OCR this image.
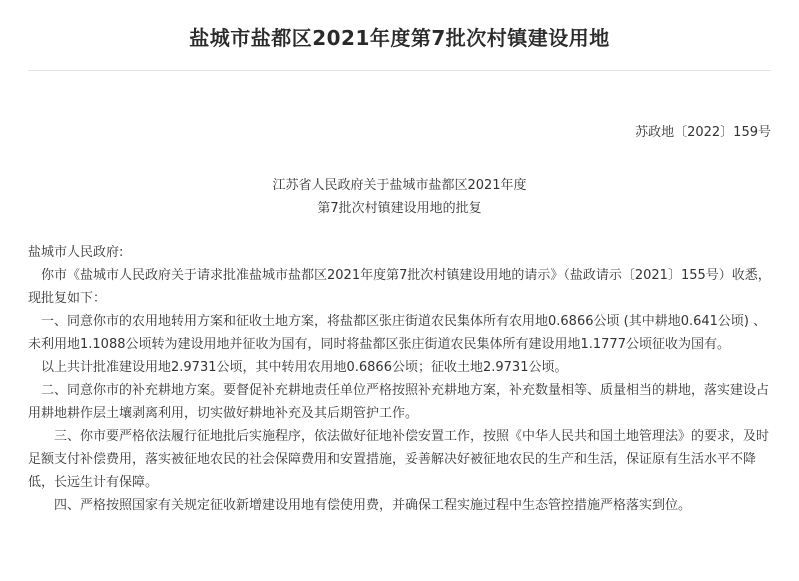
盐城市盐都区2021年度第7批次村镇建设用地
苏政地〔2022〕159号
江苏省人民政府关于盐城市盐都区2021年度
第7批次村镇建设用地的批复

盐城市人民政府:

你市《盐城市人民政府关于请求批准盐城市盐都区2021年度第7批次村镇建设用地的请示》（盐政请示〔2021〕155号）收悉，现批复如下：

一、同意你市的农用地转用方案和征收土地方案，将盐都区张庄街道农民集体所有农用地0.6866公顷 (其中耕地0.641公顷) 、未利用地1.1088公顷转为建设用地并征收为国有，同时将盐都区张庄街道农民集体所有建设用地1.1777公顷征收为国有。

以上共计批准建设用地2.9731公顷，其中转用农用地0.6866公顷；征收土地2.9731公顷。

二、同意你市的补充耕地方案。要督促补充耕地责任单位严格按照补充耕地方案，补充数量相等、质量相当的耕地，落实建设占用耕地耕作层土壤剥离利用，切实做好耕地补充及其后期管护工作。

三、你市要严格依法履行征地批后实施程序，依法做好征地补偿安置工作，按照《中华人民共和国土地管理法》的要求，及时足额支付补偿费用，落实被征地农民的社会保障费用和安置措施，妥善解决好被征地农民的生产和生活，保证原有生活水平不降低，长远生计有保障。

四、严格按照国家有关规定征收新增建设用地有偿使用费，并确保工程实施过程中生态管控措施严格落实到位。
